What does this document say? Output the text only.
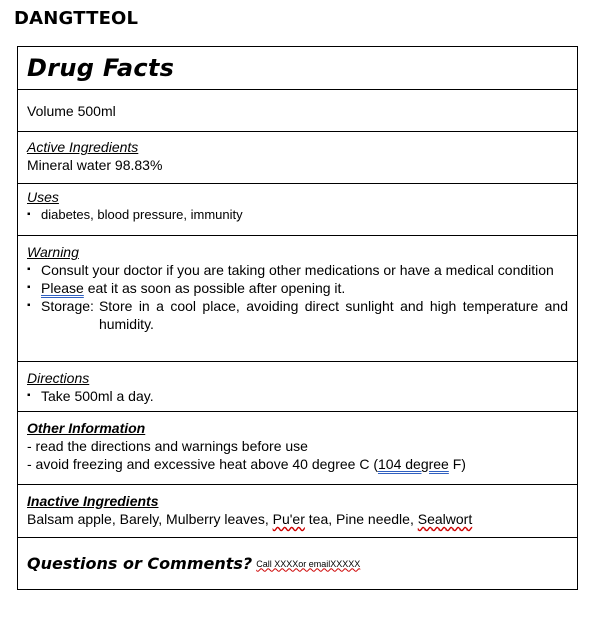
DANGTTEOL
Drug Facts
Volume 500ml
Active Ingredients
Mineral water 98.83%
Uses
▪ diabetes, blood pressure, immunity
Warning
▪ Consult your doctor if you are taking other medications or have a medical condition
▪ Please eat it as soon as possible after opening it.
▪ Storage: Store in a cool place, avoiding direct sunlight and high temperature and humidity.
Directions
▪ Take 500ml a day.
Other Information
- read the directions and warnings before use
- avoid freezing and excessive heat above 40 degree C (104 degree F)
Inactive Ingredients
Balsam apple, Barely, Mulberry leaves, Pu'er tea, Pine needle, Sealwort
Questions or Comments? Call XXXXor emailXXXXX
